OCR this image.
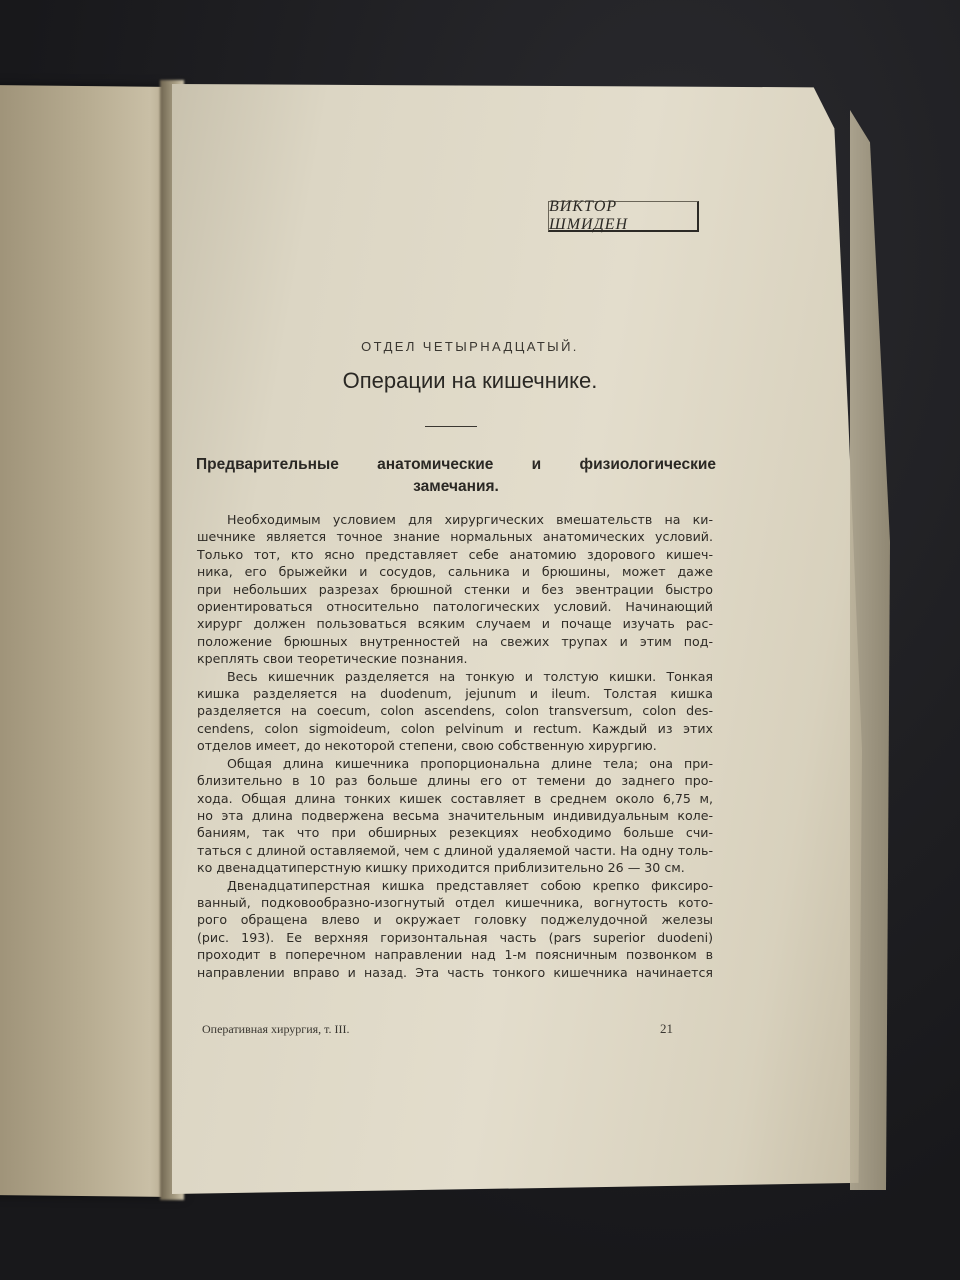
ВИКТОР ШМИДЕН
ОТДЕЛ ЧЕТЫРНАДЦАТЫЙ.
Операции на кишечнике.
Предварительные анатомические и физиологические
замечания.
Необходимым условием для хирургических вмешательств на ки-
шечнике является точное знание нормальных анатомических условий.
Только тот, кто ясно представляет себе анатомию здорового кишеч-
ника, его брыжейки и сосудов, сальника и брюшины, может даже
при небольших разрезах брюшной стенки и без эвентрации быстро
ориентироваться относительно патологических условий. Начинающий
хирург должен пользоваться всяким случаем и почаще изучать рас-
положение брюшных внутренностей на свежих трупах и этим под-
креплять свои теоретические познания.
Весь кишечник разделяется на тонкую и толстую кишки. Тонкая
кишка разделяется на duodenum, jejunum и ileum. Толстая кишка
разделяется на coecum, colon ascendens, colon transversum, colon des-
cendens, colon sigmoideum, colon pelvinum и rectum. Каждый из этих
отделов имеет, до некоторой степени, свою собственную хирургию.
Общая длина кишечника пропорциональна длине тела; она при-
близительно в 10 раз больше длины его от темени до заднего про-
хода. Общая длина тонких кишек составляет в среднем около 6,75 м,
но эта длина подвержена весьма значительным индивидуальным коле-
баниям, так что при обширных резекциях необходимо больше счи-
таться с длиной оставляемой, чем с длиной удаляемой части. На одну толь-
ко двенадцатиперстную кишку приходится приблизительно 26 — 30 см.
Двенадцатиперстная кишка представляет собою крепко фиксиро-
ванный, подковообразно-изогнутый отдел кишечника, вогнутость кото-
рого обращена влево и окружает головку поджелудочной железы
(рис. 193). Ее верхняя горизонтальная часть (pars superior duodeni)
проходит в поперечном направлении над 1-м поясничным позвонком в
направлении вправо и назад. Эта часть тонкого кишечника начинается
Оперативная хирургия, т. III.	21
